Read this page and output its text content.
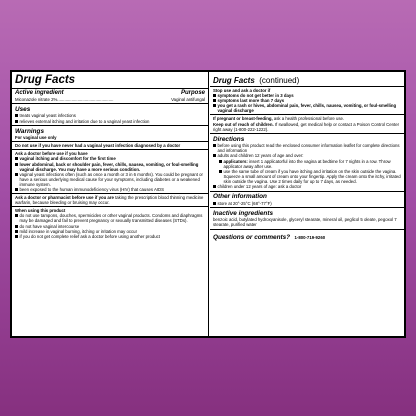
Drug Facts
Active ingredient	Purpose
Miconazole nitrate 2% ...............................................	Vaginal antifungal
Uses
treats vaginal yeast infections
relieves external itching and irritation due to a vaginal yeast infection
Warnings
For vaginal use only
Do not use if you have never had a vaginal yeast infection diagnosed by a doctor
Ask a doctor before use if you have
vaginal itching and discomfort for the first time
lower abdominal, back or shoulder pain, fever, chills, nausea, vomiting, or foul-smelling vaginal discharge. You may have a more serious condition.
vaginal yeast infections often (such as once a month or 3 in 6 months). You could be pregnant or have a serious underlying medical cause for your symptoms, including diabetes or a weakened immune system.
been exposed to the human immunodeficiency virus (HIV) that causes AIDS

Ask a doctor or pharmacist before use if you are taking the prescription blood thinning medicine warfarin, because bleeding or bruising may occur.

When using this product
do not use tampons, douches, spermicides or other vaginal products. Condoms and diaphragms may be damaged and fail to prevent pregnancy or sexually transmitted diseases (STDs).
do not have vaginal intercourse
mild increase in vaginal burning, itching or irritation may occur
if you do not get complete relief ask a doctor before using another product
Drug Facts (continued)
Stop use and ask a doctor if
symptoms do not get better in 3 days
symptoms last more than 7 days
you get a rash or hives, abdominal pain, fever, chills, nausea, vomiting, or foul-smelling vaginal discharge

If pregnant or breast-feeding, ask a health professional before use.

Keep out of reach of children. If swallowed, get medical help or contact a Poison Control Center right away (1-800-222-1222).

Directions
before using this product read the enclosed consumer information leaflet for complete directions and information
adults and children 12 years of age and over:
applicators: insert 1 applicatorful into the vagina at bedtime for 7 nights in a row. Throw applicator away after use.
use the same tube of cream if you have itching and irritation on the skin outside the vagina. Squeeze a small amount of cream onto your fingertip. Apply the cream onto the itchy, irritated skin outside the vagina. Use 2 times daily for up to 7 days, as needed.
children under 12 years of age: ask a doctor
Other information
store at 20°-25°C (68°-77°F)
Inactive ingredients

benzoic acid, butylated hydroxyanisole, glyceryl stearate, mineral oil, peglicol 5 oleate, pegoxol 7 stearate, purified water

Questions or comments? 1-800-719-9260
